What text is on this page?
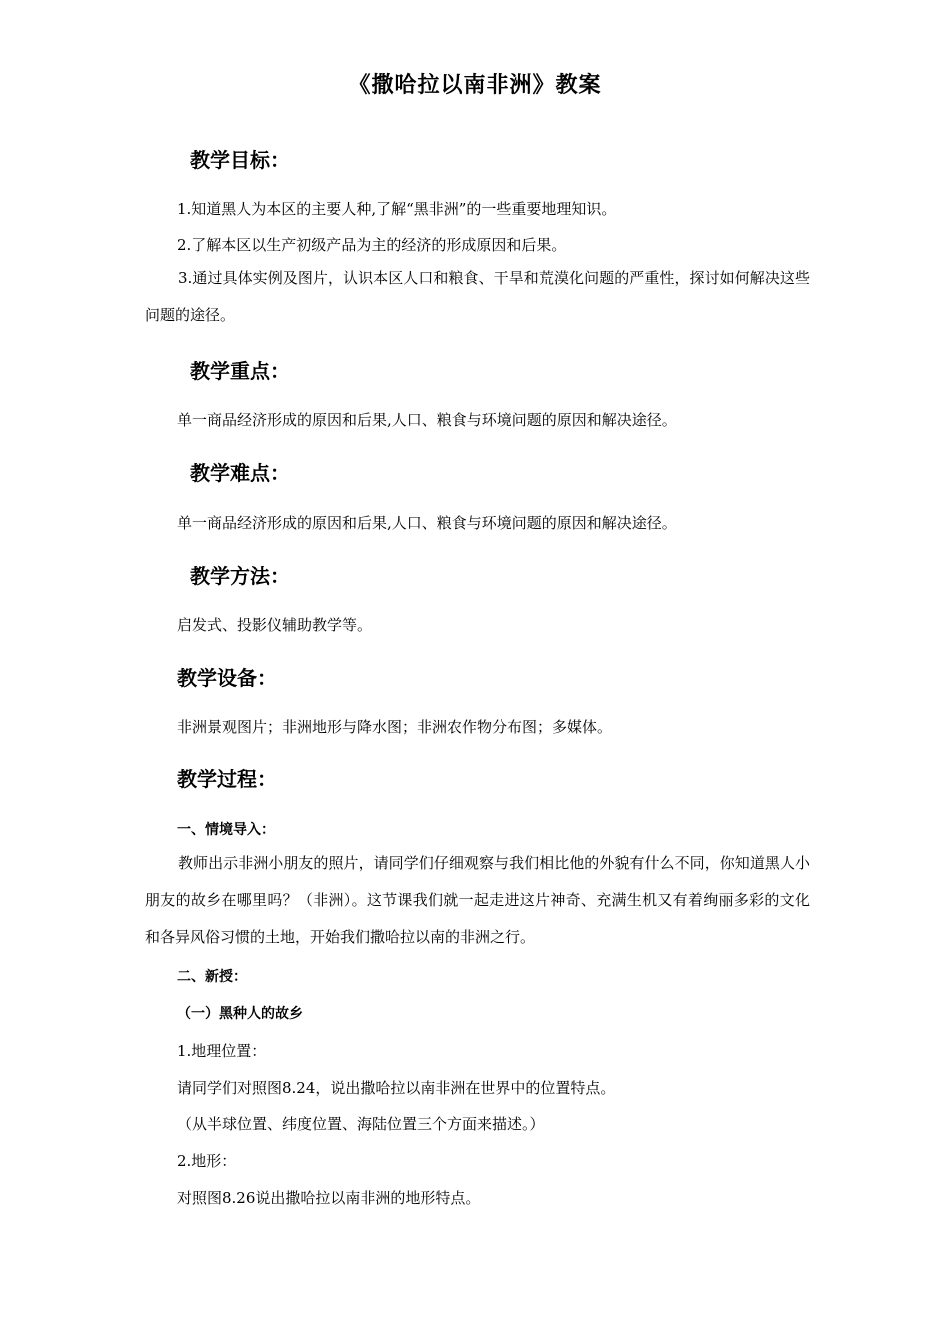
《撒哈拉以南非洲》教案
教学目标：
1.知道黑人为本区的主要人种,了解“黑非洲”的一些重要地理知识。
2.了解本区以生产初级产品为主的经济的形成原因和后果。
3.通过具体实例及图片，认识本区人口和粮食、干旱和荒漠化问题的严重性，探讨如何解决这些问题的途径。
教学重点：
单一商品经济形成的原因和后果,人口、粮食与环境问题的原因和解决途径。
教学难点：
单一商品经济形成的原因和后果,人口、粮食与环境问题的原因和解决途径。
教学方法：
启发式、投影仪辅助教学等。
教学设备：
非洲景观图片；非洲地形与降水图；非洲农作物分布图；多媒体。
教学过程：
一、情境导入：
教师出示非洲小朋友的照片，请同学们仔细观察与我们相比他的外貌有什么不同，你知道黑人小朋友的故乡在哪里吗？（非洲）。这节课我们就一起走进这片神奇、充满生机又有着绚丽多彩的文化和各异风俗习惯的土地，开始我们撒哈拉以南的非洲之行。
二、新授：
（一）黑种人的故乡
1.地理位置：
请同学们对照图8.24，说出撒哈拉以南非洲在世界中的位置特点。
（从半球位置、纬度位置、海陆位置三个方面来描述。）
2.地形：
对照图8.26说出撒哈拉以南非洲的地形特点。
